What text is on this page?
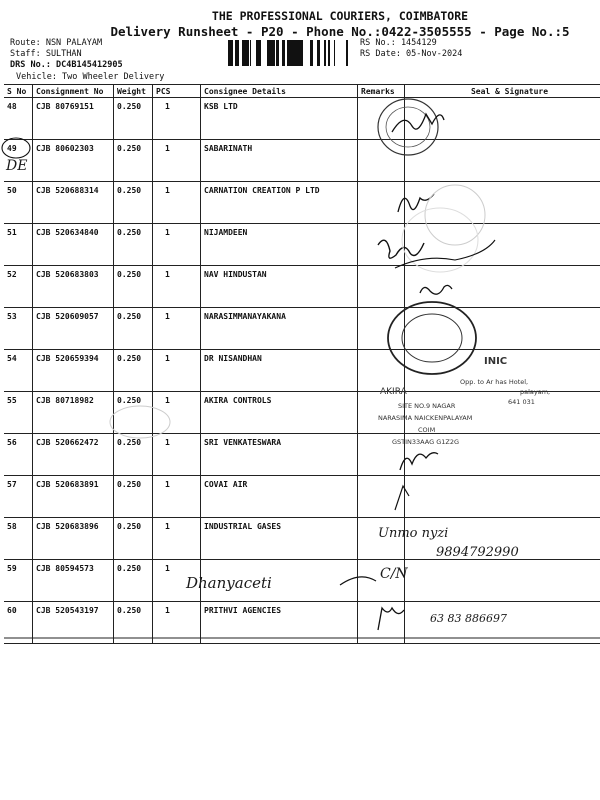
THE PROFESSIONAL COURIERS, COIMBATORE
Delivery Runsheet - P20 - Phone No.:0422-3505555 - Page No.:5
Route: NSN PALAYAM
Staff: SULTHAN
DRS No.: DC4B145412905
Vehicle: Two Wheeler Delivery
RS No.: 1454129
RS Date: 05-Nov-2024
S No	Consignment No	Weight	PCS	Consignee Details	Remarks	Seal & Signature
48	CJB 80769151	0.250	1	KSB LTD		
49	CJB 80602303	0.250	1	SABARINATH		
50	CJB 520688314	0.250	1	CARNATION CREATION P LTD		
51	CJB 520634840	0.250	1	NIJAMDEEN		
52	CJB 520683803	0.250	1	NAV HINDUSTAN		
53	CJB 520609057	0.250	1	NARASIMMANAYAKANA		
54	CJB 520659394	0.250	1	DR NISANDHAN		
55	CJB 80718982	0.250	1	AKIRA CONTROLS		
56	CJB 520662472	0.250	1	SRI VENKATESWARA		
57	CJB 520683891	0.250	1	COVAI AIR		
58	CJB 520683896	0.250	1	INDUSTRIAL GASES		
59	CJB 80594573	0.250	1			
60	CJB 520543197	0.250	1	PRITHVI AGENCIES		
DE
Unmo nyzi
9894792990
Dhanyaceti	C/N
63 83 886697
INIC
Opp. to Ar has Hotel,
palayam,
641 031
AKIRA
SITE NO.9 NAGAR
NARASIMA NAICKENPALAYAM
COIM
GSTIN33AAG G1Z2G
